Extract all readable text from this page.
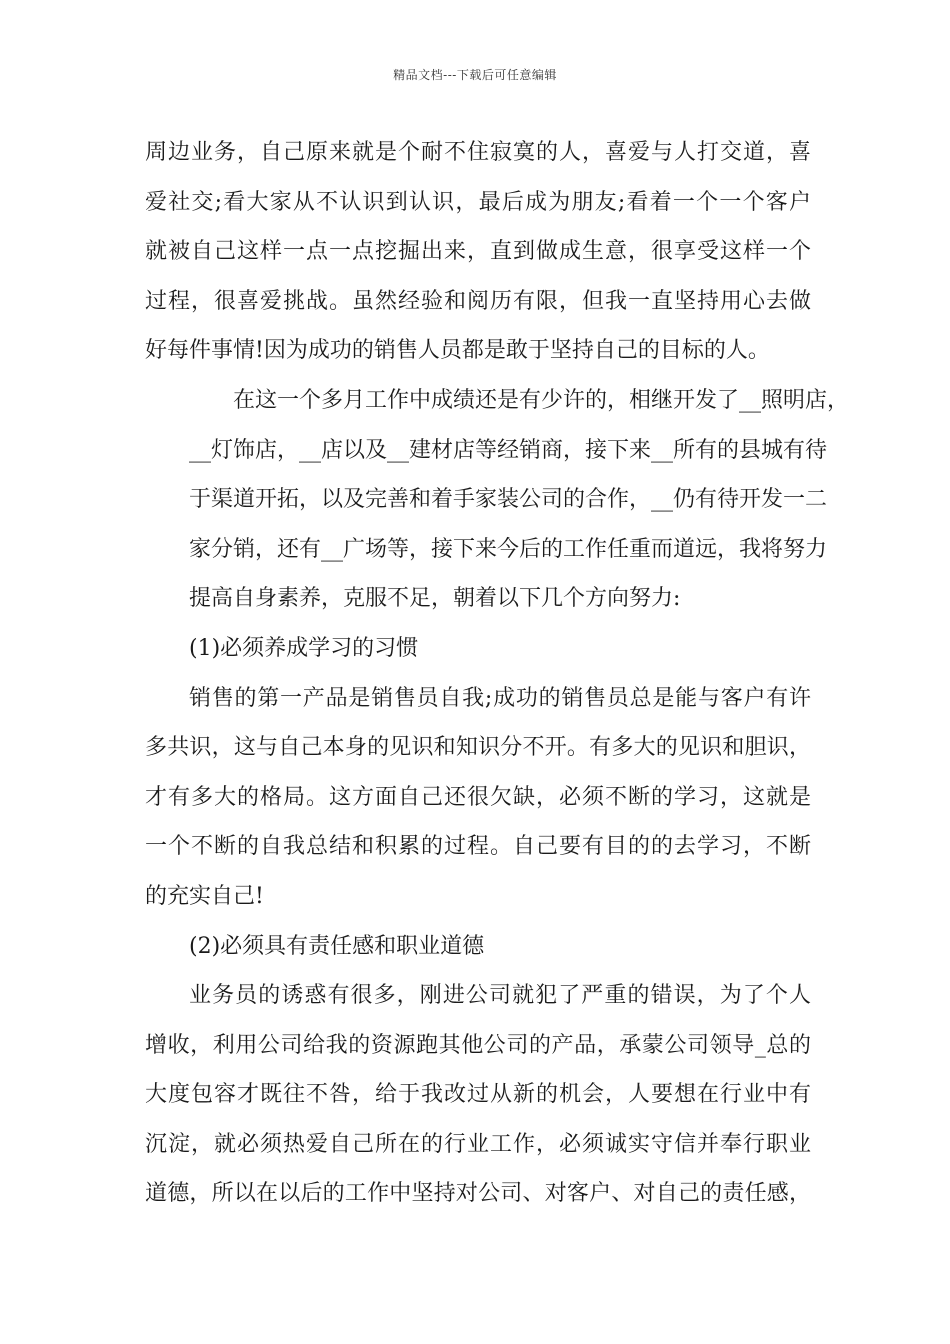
精品文档---下载后可任意编辑

周边业务，自己原来就是个耐不住寂寞的人，喜爱与人打交道，喜
爱社交;看大家从不认识到认识，最后成为朋友;看着一个一个客户
就被自己这样一点一点挖掘出来，直到做成生意，很享受这样一个
过程，很喜爱挑战。虽然经验和阅历有限，但我一直坚持用心去做
好每件事情!因为成功的销售人员都是敢于坚持自己的目标的人。

在这一个多月工作中成绩还是有少许的，相继开发了__照明店，
__灯饰店，__店以及__建材店等经销商，接下来__所有的县城有待
于渠道开拓，以及完善和着手家装公司的合作，__仍有待开发一二
家分销，还有__广场等，接下来今后的工作任重而道远，我将努力
提高自身素养，克服不足，朝着以下几个方向努力:

(1)必须养成学习的习惯

销售的第一产品是销售员自我;成功的销售员总是能与客户有许
多共识，这与自己本身的见识和知识分不开。有多大的见识和胆识，
才有多大的格局。这方面自己还很欠缺，必须不断的学习，这就是
一个不断的自我总结和积累的过程。自己要有目的的去学习，不断
的充实自己!

(2)必须具有责任感和职业道德

业务员的诱惑有很多，刚进公司就犯了严重的错误，为了个人
增收，利用公司给我的资源跑其他公司的产品，承蒙公司领导_总的
大度包容才既往不咎，给于我改过从新的机会，人要想在行业中有
沉淀，就必须热爱自己所在的行业工作，必须诚实守信并奉行职业
道德，所以在以后的工作中坚持对公司、对客户、对自己的责任感，
